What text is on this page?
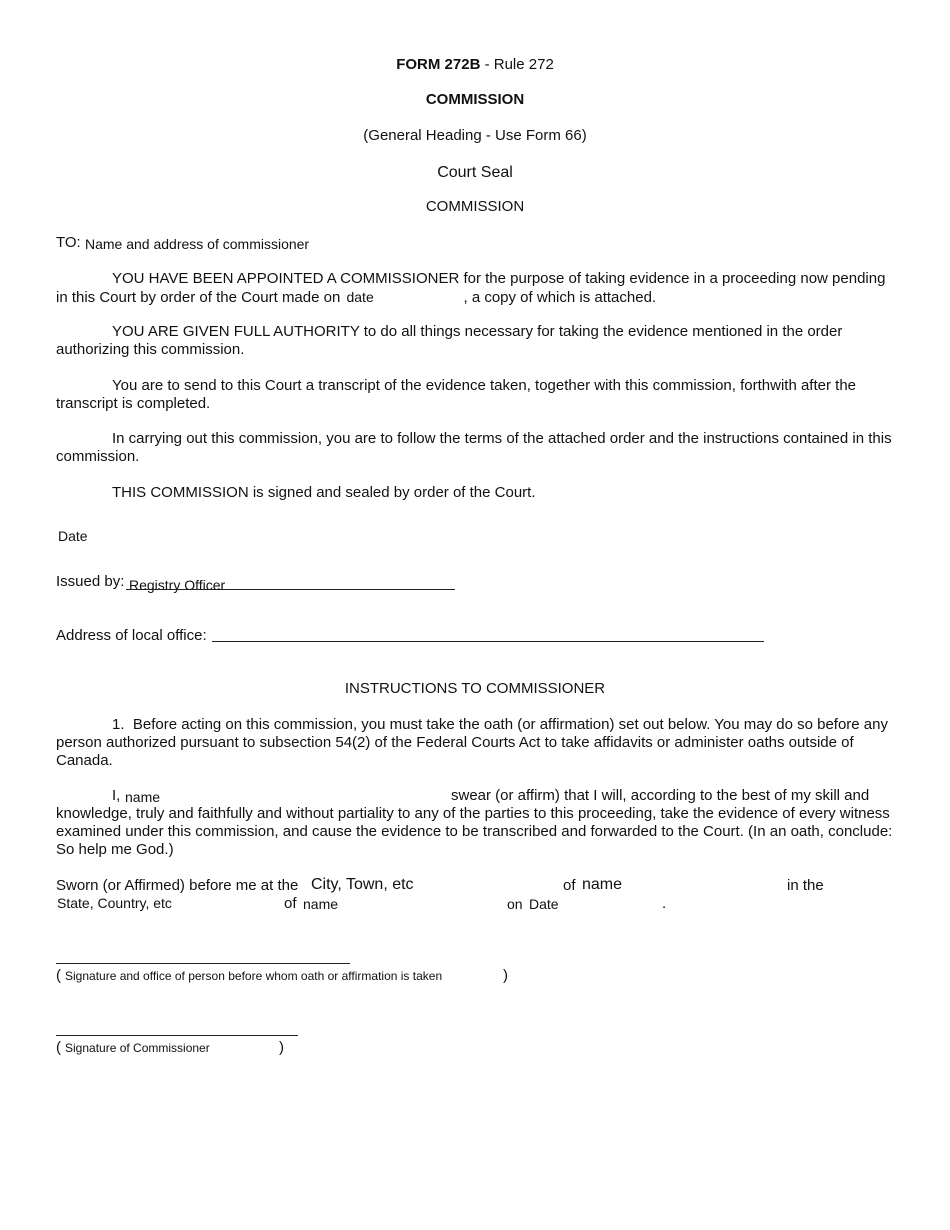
FORM 272B - Rule 272
COMMISSION
(General Heading - Use Form 66)
Court Seal
COMMISSION
TO: Name and address of commissioner
YOU HAVE BEEN APPOINTED A COMMISSIONER for the purpose of taking evidence in a proceeding now pending in this Court by order of the Court made on date	, a copy of which is attached.
YOU ARE GIVEN FULL AUTHORITY to do all things necessary for taking the evidence mentioned in the order authorizing this commission.
You are to send to this Court a transcript of the evidence taken, together with this commission, forthwith after the transcript is completed.
In carrying out this commission, you are to follow the terms of the attached order and the instructions contained in this commission.
THIS COMMISSION is signed and sealed by order of the Court.
Date
Issued by: Registry Officer
Address of local office:
INSTRUCTIONS TO COMMISSIONER
1. Before acting on this commission, you must take the oath (or affirmation) set out below. You may do so before any person authorized pursuant to subsection 54(2) of the Federal Courts Act to take affidavits or administer oaths outside of Canada.
I, name	swear (or affirm) that I will, according to the best of my skill and
knowledge, truly and faithfully and without partiality to any of the parties to this proceeding, take the evidence of every witness examined under this commission, and cause the evidence to be transcribed and forwarded to the Court. (In an oath, conclude: So help me God.)
Sworn (or Affirmed) before me at the City, Town, etc	of name	in the
State, Country, etc	of name	on Date	.
( Signature and office of person before whom oath or affirmation is taken	)
( Signature of Commissioner	)
